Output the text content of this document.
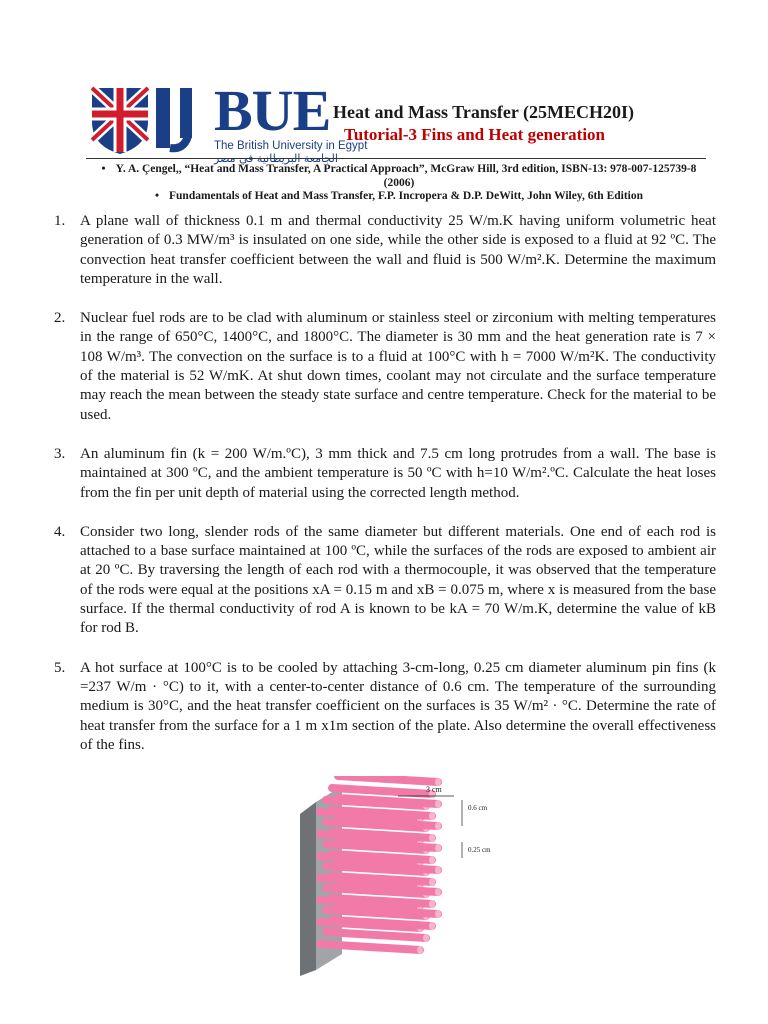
BUE
The British University in Egypt
الجامعة البريطانية في مصر
Heat and Mass Transfer (25MECH20I)
Tutorial-3 Fins and Heat generation
• Y. A. Çengel,, “Heat and Mass Transfer, A Practical Approach”, McGraw Hill, 3rd edition, ISBN-13: 978-007-125739-8 (2006)
• Fundamentals of Heat and Mass Transfer, F.P. Incropera & D.P. DeWitt, John Wiley, 6th Edition
1. A plane wall of thickness 0.1 m and thermal conductivity 25 W/m.K having uniform volumetric heat generation of 0.3 MW/m³ is insulated on one side, while the other side is exposed to a fluid at 92 ºC. The convection heat transfer coefficient between the wall and fluid is 500 W/m².K. Determine the maximum temperature in the wall.
2. Nuclear fuel rods are to be clad with aluminum or stainless steel or zirconium with melting temperatures in the range of 650°C, 1400°C, and 1800°C. The diameter is 30 mm and the heat generation rate is 7 × 108 W/m³. The convection on the surface is to a fluid at 100°C with h = 7000 W/m²K. The conductivity of the material is 52 W/mK. At shut down times, coolant may not circulate and the surface temperature may reach the mean between the steady state surface and centre temperature. Check for the material to be used.
3. An aluminum fin (k = 200 W/m.ºC), 3 mm thick and 7.5 cm long protrudes from a wall. The base is maintained at 300 ºC, and the ambient temperature is 50 ºC with h=10 W/m².ºC. Calculate the heat loses from the fin per unit depth of material using the corrected length method.
4. Consider two long, slender rods of the same diameter but different materials. One end of each rod is attached to a base surface maintained at 100 ºC, while the surfaces of the rods are exposed to ambient air at 20 ºC. By traversing the length of each rod with a thermocouple, it was observed that the temperature of the rods were equal at the positions xA = 0.15 m and xB = 0.075 m, where x is measured from the base surface. If the thermal conductivity of rod A is known to be kA = 70 W/m.K, determine the value of kB for rod B.
5. A hot surface at 100°C is to be cooled by attaching 3-cm-long, 0.25 cm diameter aluminum pin fins (k =237 W/m · °C) to it, with a center-to-center distance of 0.6 cm. The temperature of the surrounding medium is 30°C, and the heat transfer coefficient on the surfaces is 35 W/m² · °C. Determine the rate of heat transfer from the surface for a 1 m x1m section of the plate. Also determine the overall effectiveness of the fins.
3 cm
0.6 cm
0.25 cm
